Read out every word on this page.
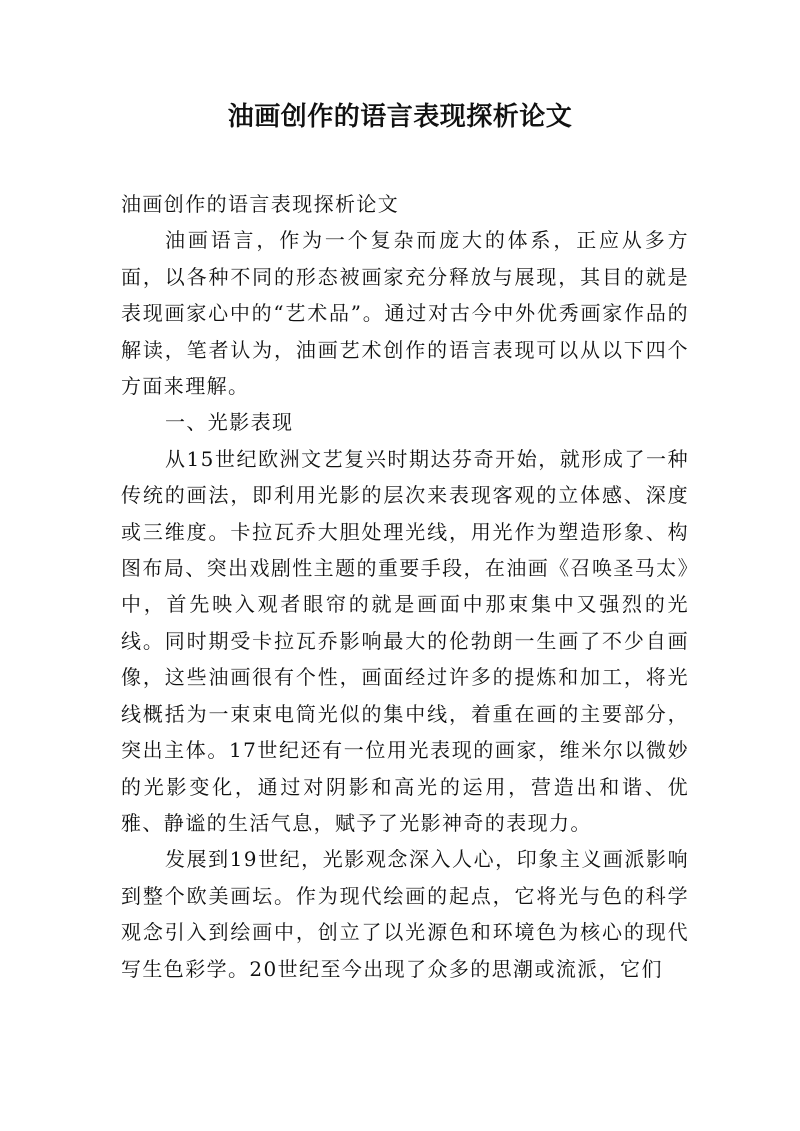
油画创作的语言表现探析论文

油画创作的语言表现探析论文

油画语言，作为一个复杂而庞大的体系，正应从多方面，以各种不同的形态被画家充分释放与展现，其目的就是表现画家心中的“艺术品”。通过对古今中外优秀画家作品的解读，笔者认为，油画艺术创作的语言表现可以从以下四个方面来理解。

一、光影表现

从15世纪欧洲文艺复兴时期达芬奇开始，就形成了一种传统的画法，即利用光影的层次来表现客观的立体感、深度或三维度。卡拉瓦乔大胆处理光线，用光作为塑造形象、构图布局、突出戏剧性主题的重要手段，在油画《召唤圣马太》中，首先映入观者眼帘的就是画面中那束集中又强烈的光线。同时期受卡拉瓦乔影响最大的伦勃朗一生画了不少自画像，这些油画很有个性，画面经过许多的提炼和加工，将光线概括为一束束电筒光似的集中线，着重在画的主要部分，突出主体。17世纪还有一位用光表现的画家，维米尔以微妙的光影变化，通过对阴影和高光的运用，营造出和谐、优雅、静谧的生活气息，赋予了光影神奇的表现力。

发展到19世纪，光影观念深入人心，印象主义画派影响到整个欧美画坛。作为现代绘画的起点，它将光与色的科学观念引入到绘画中，创立了以光源色和环境色为核心的现代写生色彩学。20世纪至今出现了众多的思潮或流派，它们
